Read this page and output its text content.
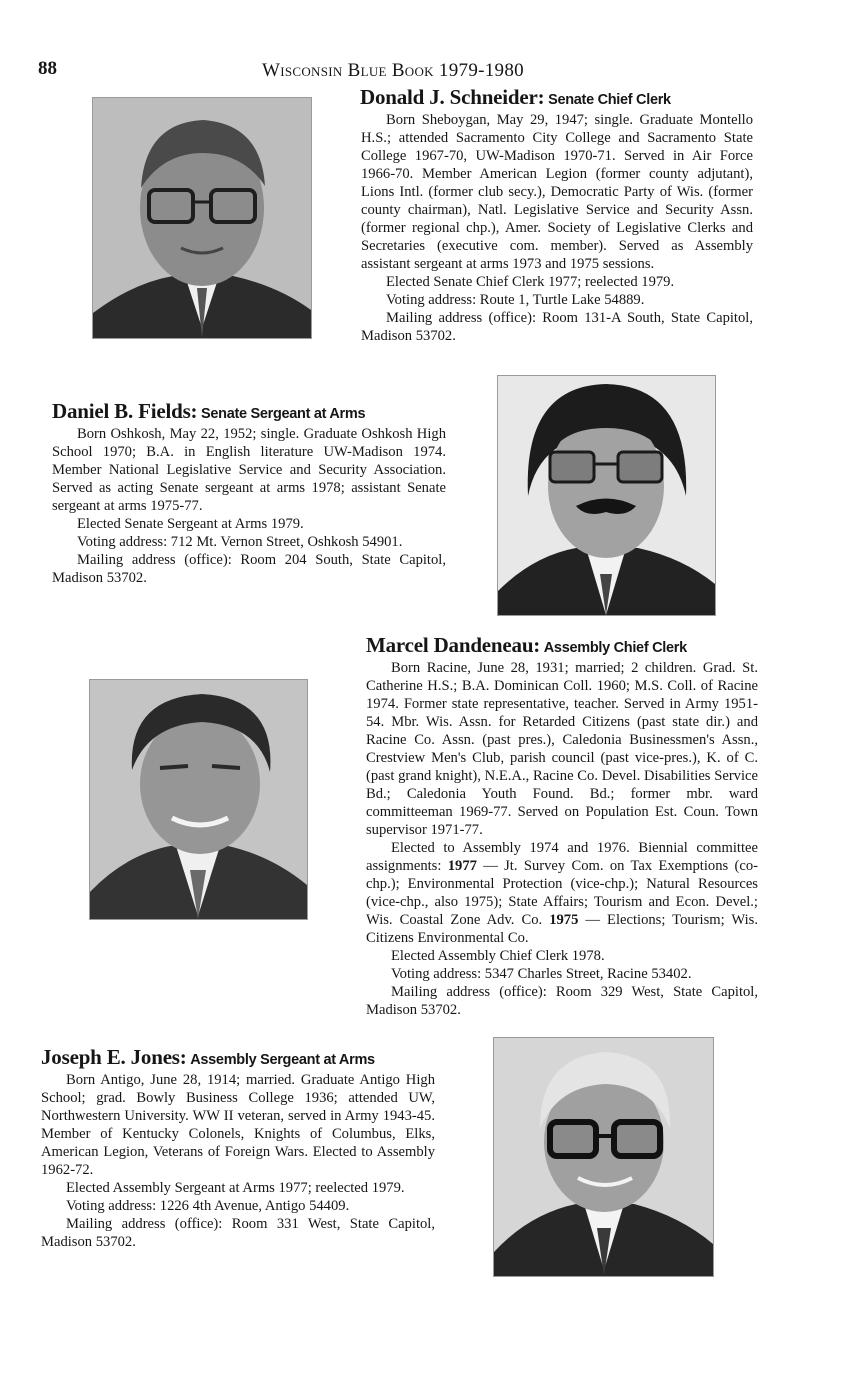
88	Wisconsin Blue Book 1979-1980
Donald J. Schneider: Senate Chief Clerk

Born Sheboygan, May 29, 1947; single. Graduate Montello H.S.; attended Sacramento City College and Sacramento State College 1967-70, UW-Madison 1970-71. Served in Air Force 1966-70. Member American Legion (former county adjutant), Lions Intl. (former club secy.), Democratic Party of Wis. (former county chairman), Natl. Legislative Service and Security Assn. (former regional chp.), Amer. Society of Legislative Clerks and Secretaries (executive com. member). Served as Assembly assistant sergeant at arms 1973 and 1975 sessions.

Elected Senate Chief Clerk 1977; reelected 1979.

Voting address: Route 1, Turtle Lake 54889.

Mailing address (office): Room 131-A South, State Capitol, Madison 53702.

Daniel B. Fields: Senate Sergeant at Arms

Born Oshkosh, May 22, 1952; single. Graduate Oshkosh High School 1970; B.A. in English literature UW-Madison 1974. Member National Legislative Service and Security Association. Served as acting Senate sergeant at arms 1978; assistant Senate sergeant at arms 1975-77.

Elected Senate Sergeant at Arms 1979.

Voting address: 712 Mt. Vernon Street, Oshkosh 54901.

Mailing address (office): Room 204 South, State Capitol, Madison 53702.

Marcel Dandeneau: Assembly Chief Clerk

Born Racine, June 28, 1931; married; 2 children. Grad. St. Catherine H.S.; B.A. Dominican Coll. 1960; M.S. Coll. of Racine 1974. Former state representative, teacher. Served in Army 1951-54. Mbr. Wis. Assn. for Retarded Citizens (past state dir.) and Racine Co. Assn. (past pres.), Caledonia Businessmen's Assn., Crestview Men's Club, parish council (past vice-pres.), K. of C. (past grand knight), N.E.A., Racine Co. Devel. Disabilities Service Bd.; Caledonia Youth Found. Bd.; former mbr. ward committeeman 1969-77. Served on Population Est. Coun. Town supervisor 1971-77.

Elected to Assembly 1974 and 1976. Biennial committee assignments: 1977 — Jt. Survey Com. on Tax Exemptions (co-chp.); Environmental Protection (vice-chp.); Natural Resources (vice-chp., also 1975); State Affairs; Tourism and Econ. Devel.; Wis. Coastal Zone Adv. Co. 1975 — Elections; Tourism; Wis. Citizens Environmental Co.

Elected Assembly Chief Clerk 1978.

Voting address: 5347 Charles Street, Racine 53402.

Mailing address (office): Room 329 West, State Capitol, Madison 53702.

Joseph E. Jones: Assembly Sergeant at Arms

Born Antigo, June 28, 1914; married. Graduate Antigo High School; grad. Bowly Business College 1936; attended UW, Northwestern University. WW II veteran, served in Army 1943-45. Member of Kentucky Colonels, Knights of Columbus, Elks, American Legion, Veterans of Foreign Wars. Elected to Assembly 1962-72.

Elected Assembly Sergeant at Arms 1977; reelected 1979.

Voting address: 1226 4th Avenue, Antigo 54409.

Mailing address (office): Room 331 West, State Capitol, Madison 53702.
